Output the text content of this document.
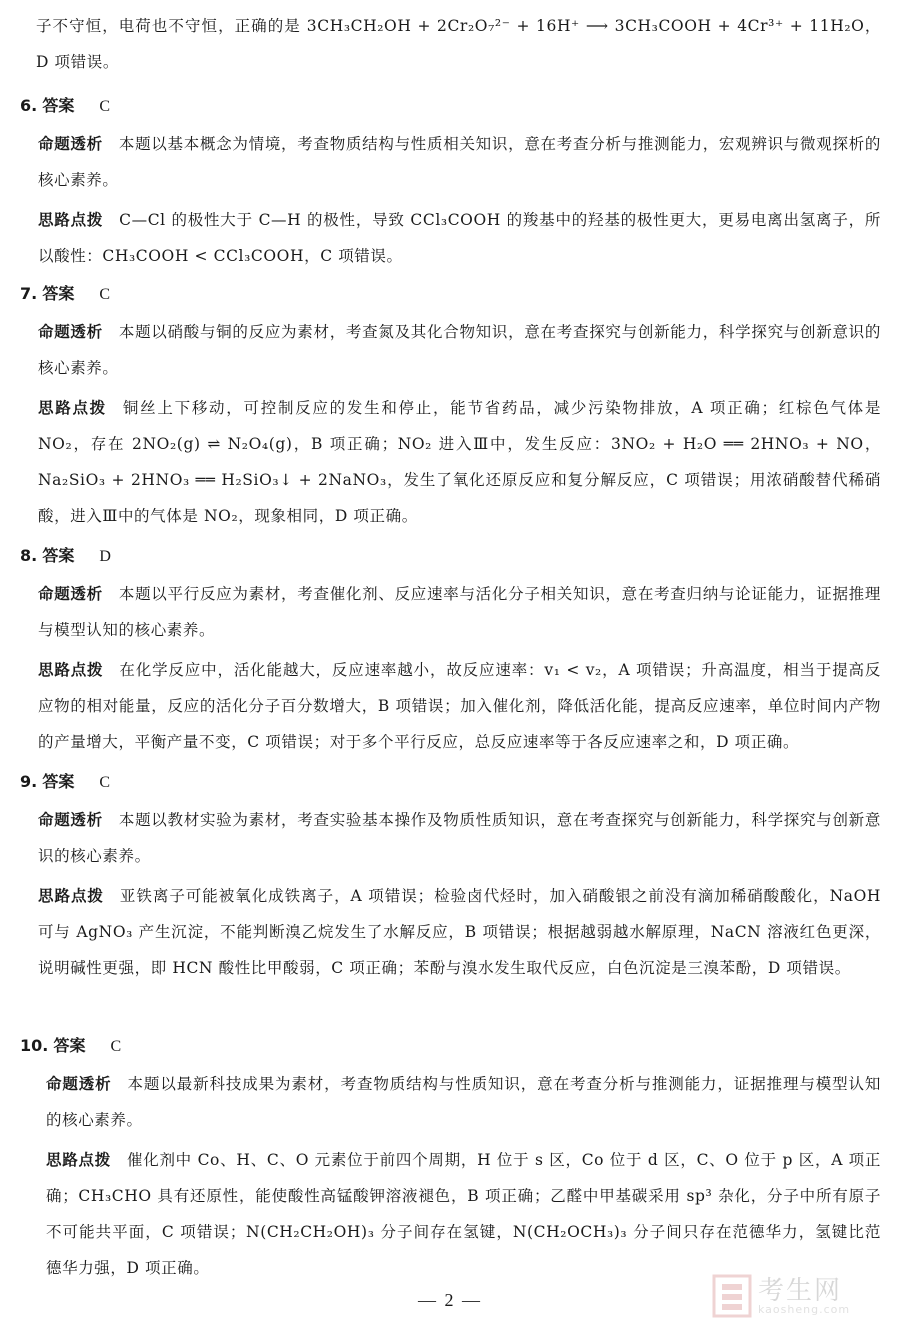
子不守恒，电荷也不守恒，正确的是 3CH₃CH₂OH + 2Cr₂O₇²⁻ + 16H⁺ ⟶ 3CH₃COOH + 4Cr³⁺ + 11H₂O，D 项错误。

6. 答案 C

命题透析 本题以基本概念为情境，考查物质结构与性质相关知识，意在考查分析与推测能力，宏观辨识与微观探析的核心素养。

思路点拨 C—Cl 的极性大于 C—H 的极性，导致 CCl₃COOH 的羧基中的羟基的极性更大，更易电离出氢离子，所以酸性：CH₃COOH < CCl₃COOH，C 项错误。

7. 答案 C

命题透析 本题以硝酸与铜的反应为素材，考查氮及其化合物知识，意在考查探究与创新能力，科学探究与创新意识的核心素养。

思路点拨 铜丝上下移动，可控制反应的发生和停止，能节省药品，减少污染物排放，A 项正确；红棕色气体是 NO₂，存在 2NO₂(g) ⇌ N₂O₄(g)，B 项正确；NO₂ 进入Ⅲ中，发生反应：3NO₂ + H₂O ══ 2HNO₃ + NO，Na₂SiO₃ + 2HNO₃ ══ H₂SiO₃↓ + 2NaNO₃，发生了氧化还原反应和复分解反应，C 项错误；用浓硝酸替代稀硝酸，进入Ⅲ中的气体是 NO₂，现象相同，D 项正确。

8. 答案 D

命题透析 本题以平行反应为素材，考查催化剂、反应速率与活化分子相关知识，意在考查归纳与论证能力，证据推理与模型认知的核心素养。

思路点拨 在化学反应中，活化能越大，反应速率越小，故反应速率：v₁ < v₂，A 项错误；升高温度，相当于提高反应物的相对能量，反应的活化分子百分数增大，B 项错误；加入催化剂，降低活化能，提高反应速率，单位时间内产物的产量增大，平衡产量不变，C 项错误；对于多个平行反应，总反应速率等于各反应速率之和，D 项正确。

9. 答案 C

命题透析 本题以教材实验为素材，考查实验基本操作及物质性质知识，意在考查探究与创新能力，科学探究与创新意识的核心素养。

思路点拨 亚铁离子可能被氧化成铁离子，A 项错误；检验卤代烃时，加入硝酸银之前没有滴加稀硝酸酸化，NaOH 可与 AgNO₃ 产生沉淀，不能判断溴乙烷发生了水解反应，B 项错误；根据越弱越水解原理，NaCN 溶液红色更深，说明碱性更强，即 HCN 酸性比甲酸弱，C 项正确；苯酚与溴水发生取代反应，白色沉淀是三溴苯酚，D 项错误。

10. 答案 C

命题透析 本题以最新科技成果为素材，考查物质结构与性质知识，意在考查分析与推测能力，证据推理与模型认知的核心素养。

思路点拨 催化剂中 Co、H、C、O 元素位于前四个周期，H 位于 s 区，Co 位于 d 区，C、O 位于 p 区，A 项正确；CH₃CHO 具有还原性，能使酸性高锰酸钾溶液褪色，B 项正确；乙醛中甲基碳采用 sp³ 杂化，分子中所有原子不可能共平面，C 项错误；N(CH₂CH₂OH)₃ 分子间存在氢键，N(CH₂OCH₃)₃ 分子间只存在范德华力，氢键比范德华力强，D 项正确。

— 2 —	考生网
kaosheng.com
